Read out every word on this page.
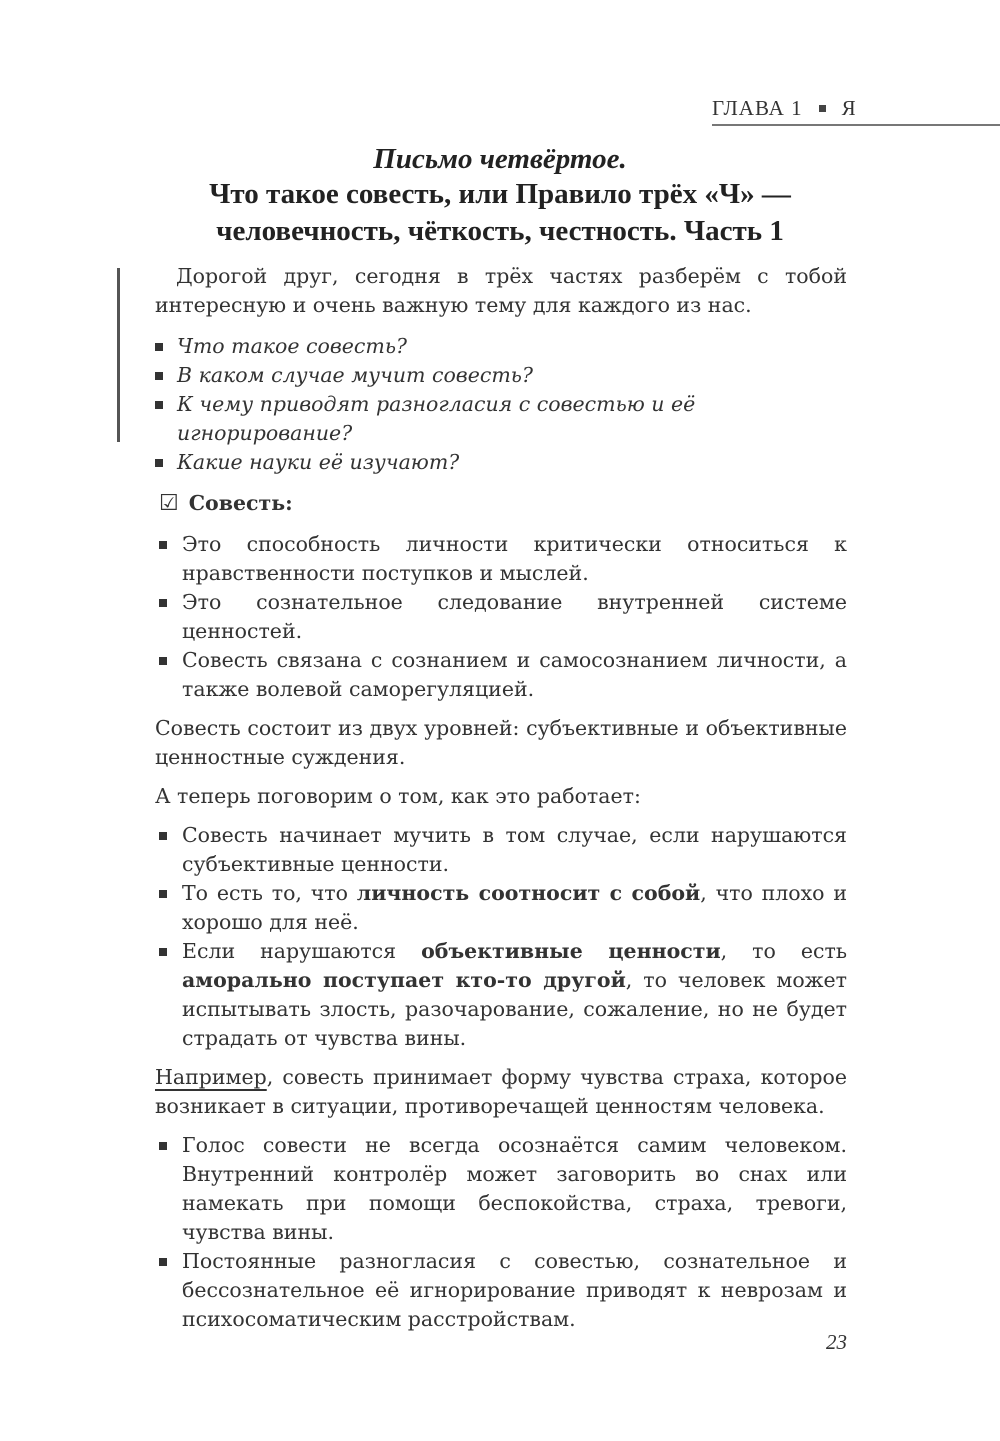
ГЛАВА 1 Я
Письмо четвёртое.
Что такое совесть, или Правило трёх «Ч» —
человечность, чёткость, честность. Часть 1

Дорогой друг, сегодня в трёх частях разберём с тобой интересную и очень важную тему для каждого из нас.

Что такое совесть?
В каком случае мучит совесть?
К чему приводят разногласия с совестью и её игнорирование?
Какие науки её изучают?
☑ Совесть:
Это способность личности критически относиться к нравственности поступков и мыслей.
Это сознательное следование внутренней системе ценностей.
Совесть связана с сознанием и самосознанием личности, а также волевой саморегуляцией.

Совесть состоит из двух уровней: субъективные и объективные ценностные суждения.

А теперь поговорим о том, как это работает:

Совесть начинает мучить в том случае, если нарушаются субъективные ценности.
То есть то, что личность соотносит с собой, что плохо и хорошо для неё.
Если нарушаются объективные ценности, то есть аморально поступает кто-то другой, то человек может испытывать злость, разочарование, сожаление, но не будет страдать от чувства вины.

Например, совесть принимает форму чувства страха, которое возникает в ситуации, противоречащей ценностям человека.

Голос совести не всегда осознаётся самим человеком. Внутренний контролёр может заговорить во снах или намекать при помощи беспокойства, страха, тревоги, чувства вины.
Постоянные разногласия с совестью, сознательное и бессознательное её игнорирование приводят к неврозам и психосоматическим расстройствам.
23
